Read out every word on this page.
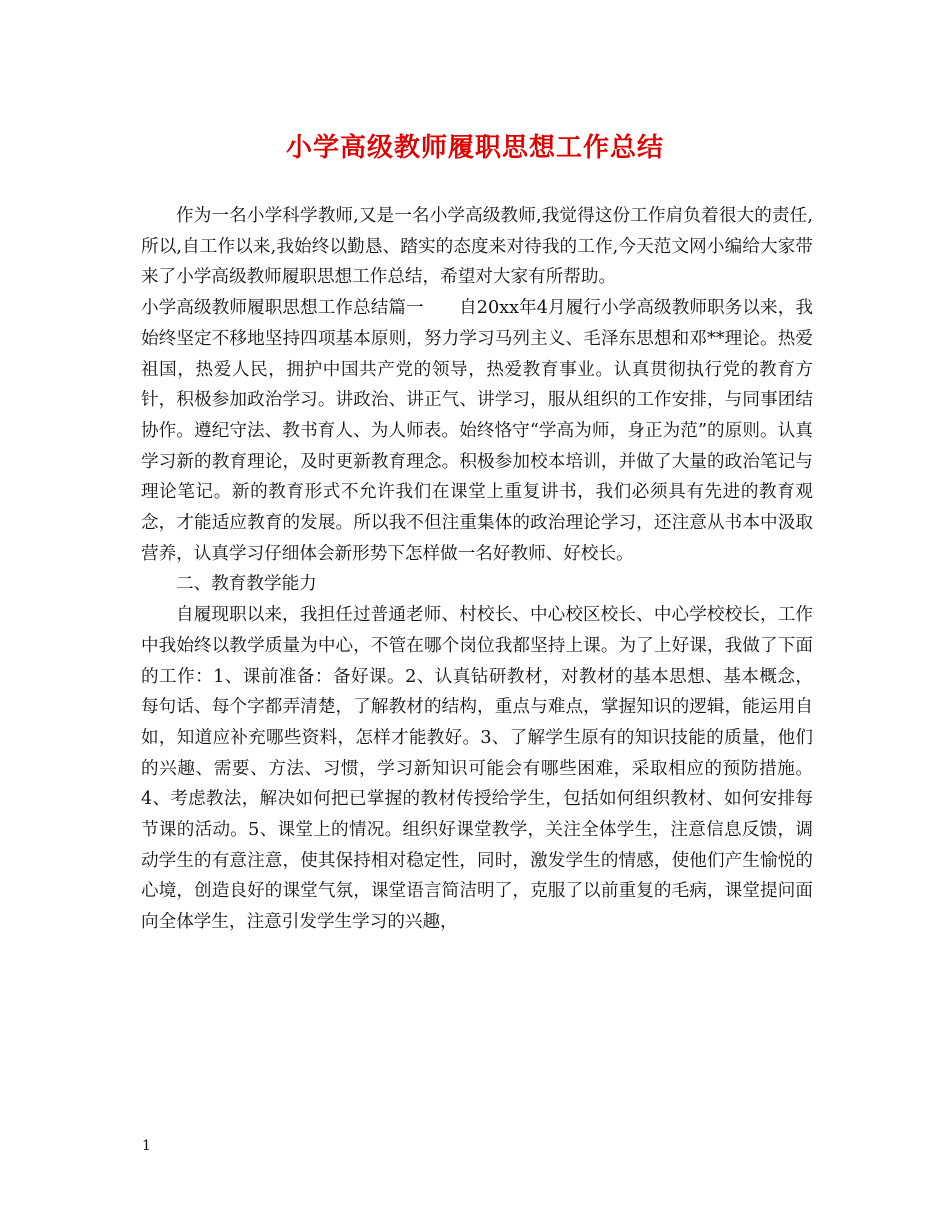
小学高级教师履职思想工作总结

作为一名小学科学教师,又是一名小学高级教师,我觉得这份工作肩负着很大的责任,所以,自工作以来,我始终以勤恳、踏实的态度来对待我的工作,今天范文网小编给大家带来了小学高级教师履职思想工作总结，希望对大家有所帮助。

小学高级教师履职思想工作总结篇一　　自20xx年4月履行小学高级教师职务以来，我始终坚定不移地坚持四项基本原则，努力学习马列主义、毛泽东思想和邓**理论。热爱祖国，热爱人民，拥护中国共产党的领导，热爱教育事业。认真贯彻执行党的教育方针，积极参加政治学习。讲政治、讲正气、讲学习，服从组织的工作安排，与同事团结协作。遵纪守法、教书育人、为人师表。始终恪守“学高为师，身正为范”的原则。认真学习新的教育理论，及时更新教育理念。积极参加校本培训，并做了大量的政治笔记与理论笔记。新的教育形式不允许我们在课堂上重复讲书，我们必须具有先进的教育观念，才能适应教育的发展。所以我不但注重集体的政治理论学习，还注意从书本中汲取营养，认真学习仔细体会新形势下怎样做一名好教师、好校长。

二、教育教学能力

自履现职以来，我担任过普通老师、村校长、中心校区校长、中心学校校长，工作中我始终以教学质量为中心，不管在哪个岗位我都坚持上课。为了上好课，我做了下面的工作：1、课前准备：备好课。2、认真钻研教材，对教材的基本思想、基本概念，每句话、每个字都弄清楚，了解教材的结构，重点与难点，掌握知识的逻辑，能运用自如，知道应补充哪些资料，怎样才能教好。3、了解学生原有的知识技能的质量，他们的兴趣、需要、方法、习惯，学习新知识可能会有哪些困难，采取相应的预防措施。4、考虑教法，解决如何把已掌握的教材传授给学生，包括如何组织教材、如何安排每节课的活动。5、课堂上的情况。组织好课堂教学，关注全体学生，注意信息反馈，调动学生的有意注意，使其保持相对稳定性，同时，激发学生的情感，使他们产生愉悦的心境，创造良好的课堂气氛，课堂语言简洁明了，克服了以前重复的毛病，课堂提问面向全体学生，注意引发学生学习的兴趣，

1
